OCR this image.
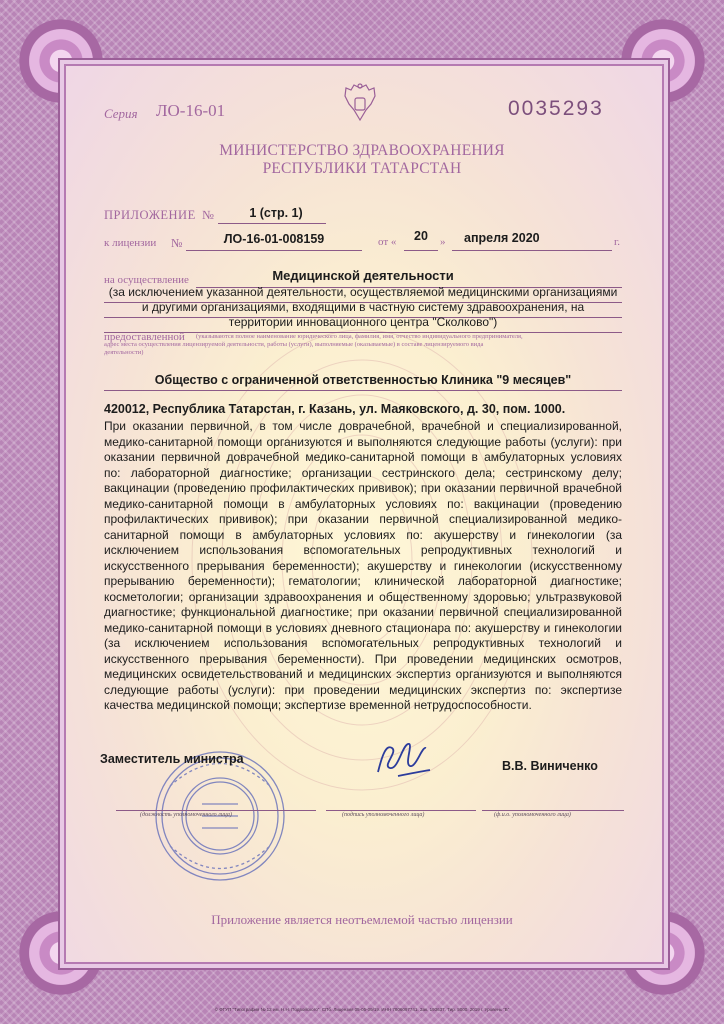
Серия ЛО-16-01	0035293
МИНИСТЕРСТВО ЗДРАВООХРАНЕНИЯ
РЕСПУБЛИКИ ТАТАРСТАН
ПРИЛОЖЕНИЕ №	1 (стр. 1)
к лицензии №	ЛО-16-01-008159	от «	20	» апреля 2020	г.
на осуществление	Медицинской деятельности
(за исключением указанной деятельности, осуществляемой медицинскими организациями
и другими организациями, входящими в частную систему здравоохранения, на
территории инновационного центра "Сколково")
предоставленной	(указываются полное наименование юридического лица, фамилия, имя, отчество индивидуального предпринимателя,
адрес места осуществления лицензируемой деятельности, работы (услуги), выполняемые (оказываемые) в составе лицензируемого вида
деятельности)
Общество с ограниченной ответственностью Клиника "9 месяцев"
420012, Республика Татарстан, г. Казань, ул. Маяковского, д. 30, пом. 1000.
При оказании первичной, в том числе доврачебной, врачебной и специализированной, медико-санитарной помощи организуются и выполняются следующие работы (услуги): при оказании первичной доврачебной медико-санитарной помощи в амбулаторных условиях по: лабораторной диагностике; организации сестринского дела; сестринскому делу; вакцинации (проведению профилактических прививок); при оказании первичной врачебной медико-санитарной помощи в амбулаторных условиях по: вакцинации (проведению профилактических прививок); при оказании первичной специализированной медико-санитарной помощи в амбулаторных условиях по: акушерству и гинекологии (за исключением использования вспомогательных репродуктивных технологий и искусственного прерывания беременности); акушерству и гинекологии (искусственному прерыванию беременности); гематологии; клинической лабораторной диагностике; косметологии; организации здравоохранения и общественному здоровью; ультразвуковой диагностике; функциональной диагностике; при оказании первичной специализированной медико-санитарной помощи в условиях дневного стационара по: акушерству и гинекологии (за исключением использования вспомогательных репродуктивных технологий и искусственного прерывания беременности). При проведении медицинских осмотров, медицинских освидетельствований и медицинских экспертиз организуются и выполняются следующие работы (услуги): при проведении медицинских экспертиз по: экспертизе качества медицинской помощи; экспертизе временной нетрудоспособности.
Заместитель министра	В.В. Виниченко
(должность уполномоченного лица)	(подпись уполномоченного лица)	(ф.и.о. уполномоченного лица)
Приложение является неотъемлемой частью лицензии
© ФГУП "Типография № 12 им. Н.Н. Подвойского", СПб. Лицензия 05-05-09/19. ИНН 7806097741. Зак. 193637. Тир. 5000. 2019 г. Уровень "Б"
